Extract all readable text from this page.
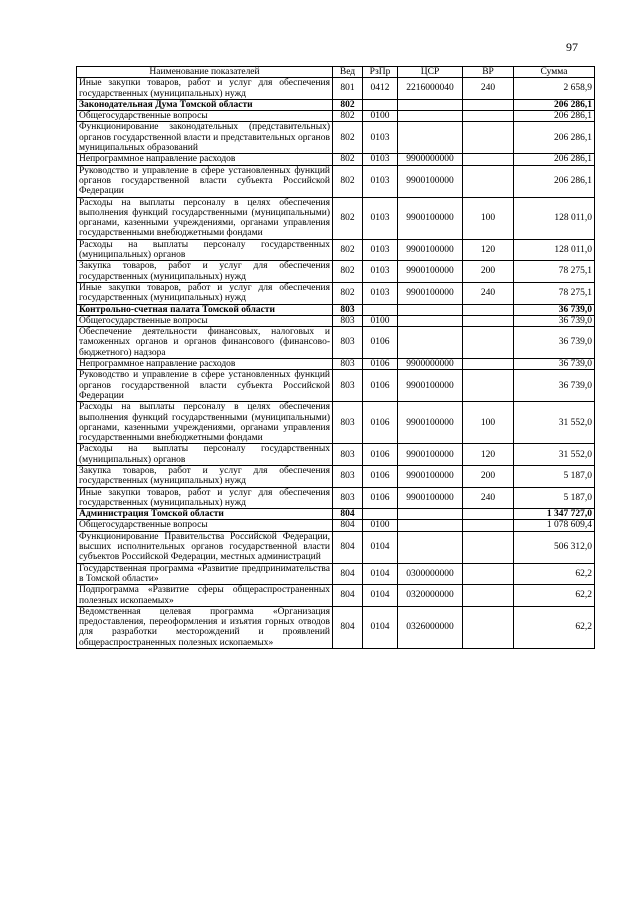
97
Наименование показателей	Вед	РзПр	ЦСР	ВР	Сумма
Иные закупки товаров, работ и услуг для обеспечения государственных (муниципальных) нужд	801	0412	2216000040	240	2 658,9
Законодательная Дума Томской области	802				206 286,1
Общегосударственные вопросы	802	0100			206 286,1
Функционирование законодательных (представительных) органов государственной власти и представительных органов муниципальных образований	802	0103			206 286,1
Непрограммное направление расходов	802	0103	9900000000		206 286,1
Руководство и управление в сфере установленных функций органов государственной власти субъекта Российской Федерации	802	0103	9900100000		206 286,1
Расходы на выплаты персоналу в целях обеспечения выполнения функций государственными (муниципальными) органами, казенными учреждениями, органами управления государственными внебюджетными фондами	802	0103	9900100000	100	128 011,0
Расходы на выплаты персоналу государственных (муниципальных) органов	802	0103	9900100000	120	128 011,0
Закупка товаров, работ и услуг для обеспечения государственных (муниципальных) нужд	802	0103	9900100000	200	78 275,1
Иные закупки товаров, работ и услуг для обеспечения государственных (муниципальных) нужд	802	0103	9900100000	240	78 275,1
Контрольно-счетная палата Томской области	803				36 739,0
Общегосударственные вопросы	803	0100			36 739,0
Обеспечение деятельности финансовых, налоговых и таможенных органов и органов финансового (финансово-бюджетного) надзора	803	0106			36 739,0
Непрограммное направление расходов	803	0106	9900000000		36 739,0
Руководство и управление в сфере установленных функций органов государственной власти субъекта Российской Федерации	803	0106	9900100000		36 739,0
Расходы на выплаты персоналу в целях обеспечения выполнения функций государственными (муниципальными) органами, казенными учреждениями, органами управления государственными внебюджетными фондами	803	0106	9900100000	100	31 552,0
Расходы на выплаты персоналу государственных (муниципальных) органов	803	0106	9900100000	120	31 552,0
Закупка товаров, работ и услуг для обеспечения государственных (муниципальных) нужд	803	0106	9900100000	200	5 187,0
Иные закупки товаров, работ и услуг для обеспечения государственных (муниципальных) нужд	803	0106	9900100000	240	5 187,0
Администрация Томской области	804				1 347 727,0
Общегосударственные вопросы	804	0100			1 078 609,4
Функционирование Правительства Российской Федерации, высших исполнительных органов государственной власти субъектов Российской Федерации, местных администраций	804	0104			506 312,0
Государственная программа «Развитие предпринимательства в Томской области»	804	0104	0300000000		62,2
Подпрограмма «Развитие сферы общераспространенных полезных ископаемых»	804	0104	0320000000		62,2
Ведомственная целевая программа «Организация предоставления, переоформления и изъятия горных отводов для разработки месторождений и проявлений общераспространенных полезных ископаемых»	804	0104	0326000000		62,2
